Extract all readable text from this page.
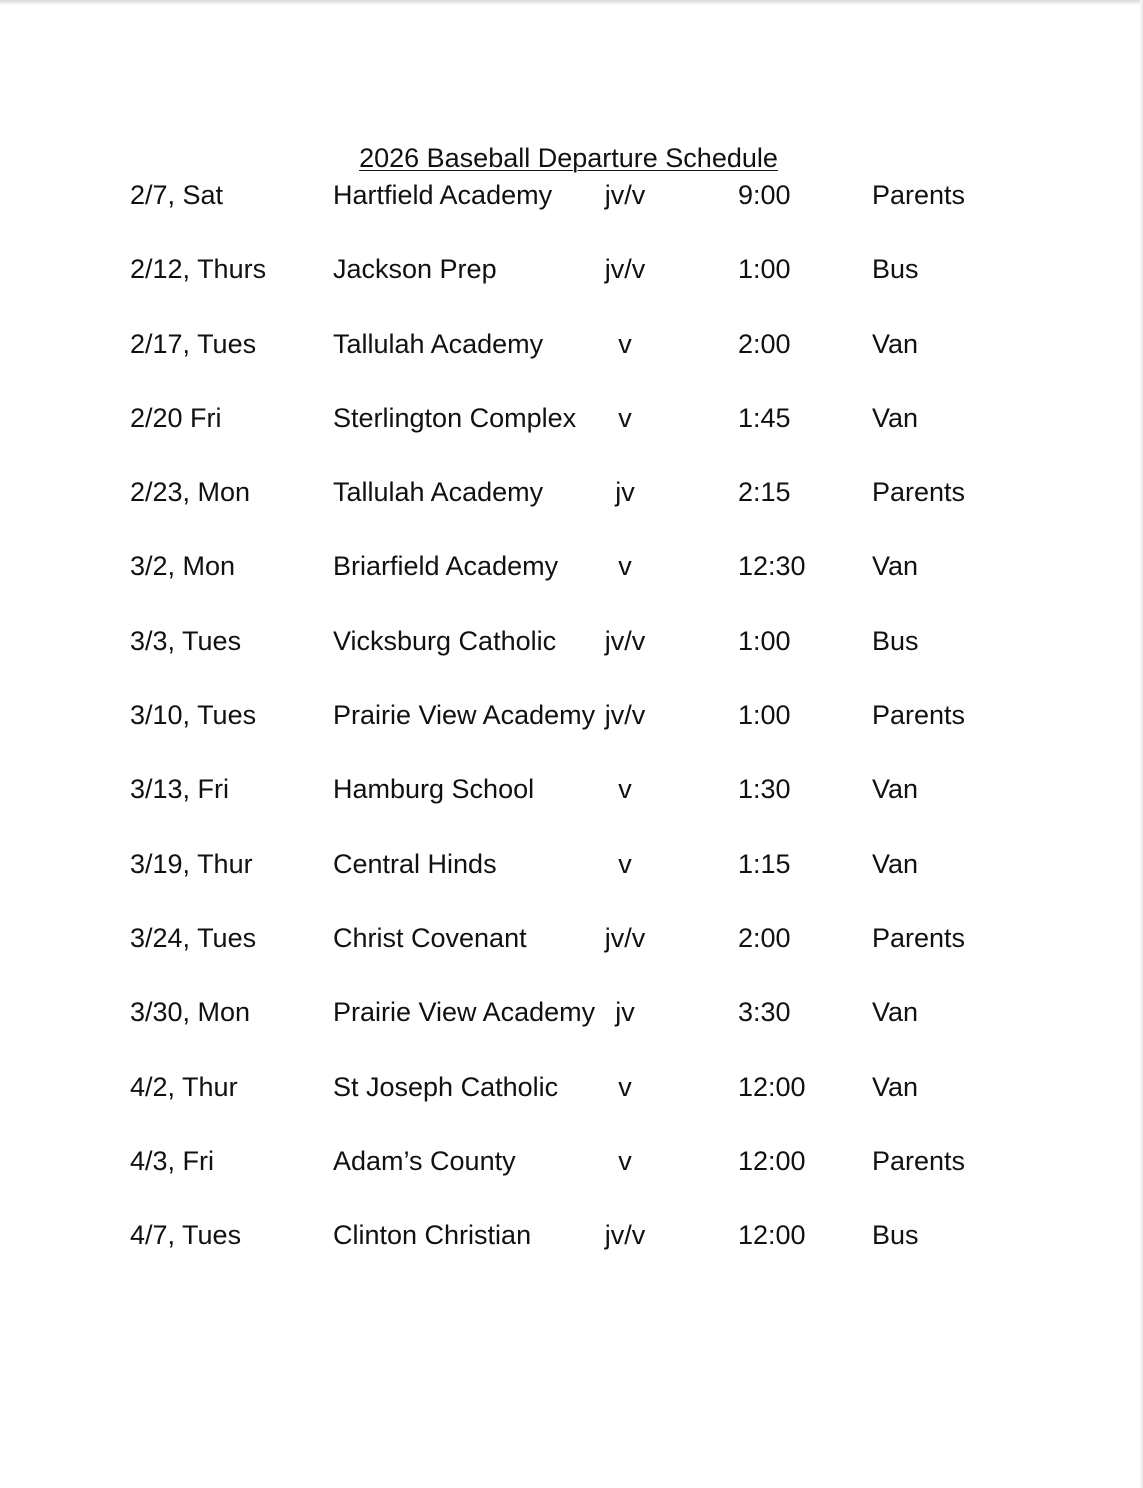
2026 Baseball Departure Schedule
2/7, Sat	Hartfield Academy	jv/v	9:00	Parents
2/12, Thurs Jackson Prep	jv/v	1:00	Bus
2/17, Tues	Tallulah Academy	v	2:00	Van
2/20 Fri	Sterlington Complex	v	1:45	Van
2/23, Mon	Tallulah Academy	jv	2:15	Parents
3/2, Mon	Briarfield Academy	v	12:30 Van
3/3, Tues	Vicksburg Catholic	jv/v	1:00	Bus
3/10, Tues	Prairie View Academy jv/v	1:00	Parents
3/13, Fri	Hamburg School	v	1:30	Van
3/19, Thur	Central Hinds	v	1:15	Van
3/24, Tues	Christ Covenant	jv/v	2:00	Parents
3/30, Mon	Prairie View Academy jv	3:30	Van
4/2, Thur	St Joseph Catholic	v	12:00 Van
4/3, Fri	Adam’s County	v	12:00 Parents
4/7, Tues	Clinton Christian	jv/v	12:00 Bus
